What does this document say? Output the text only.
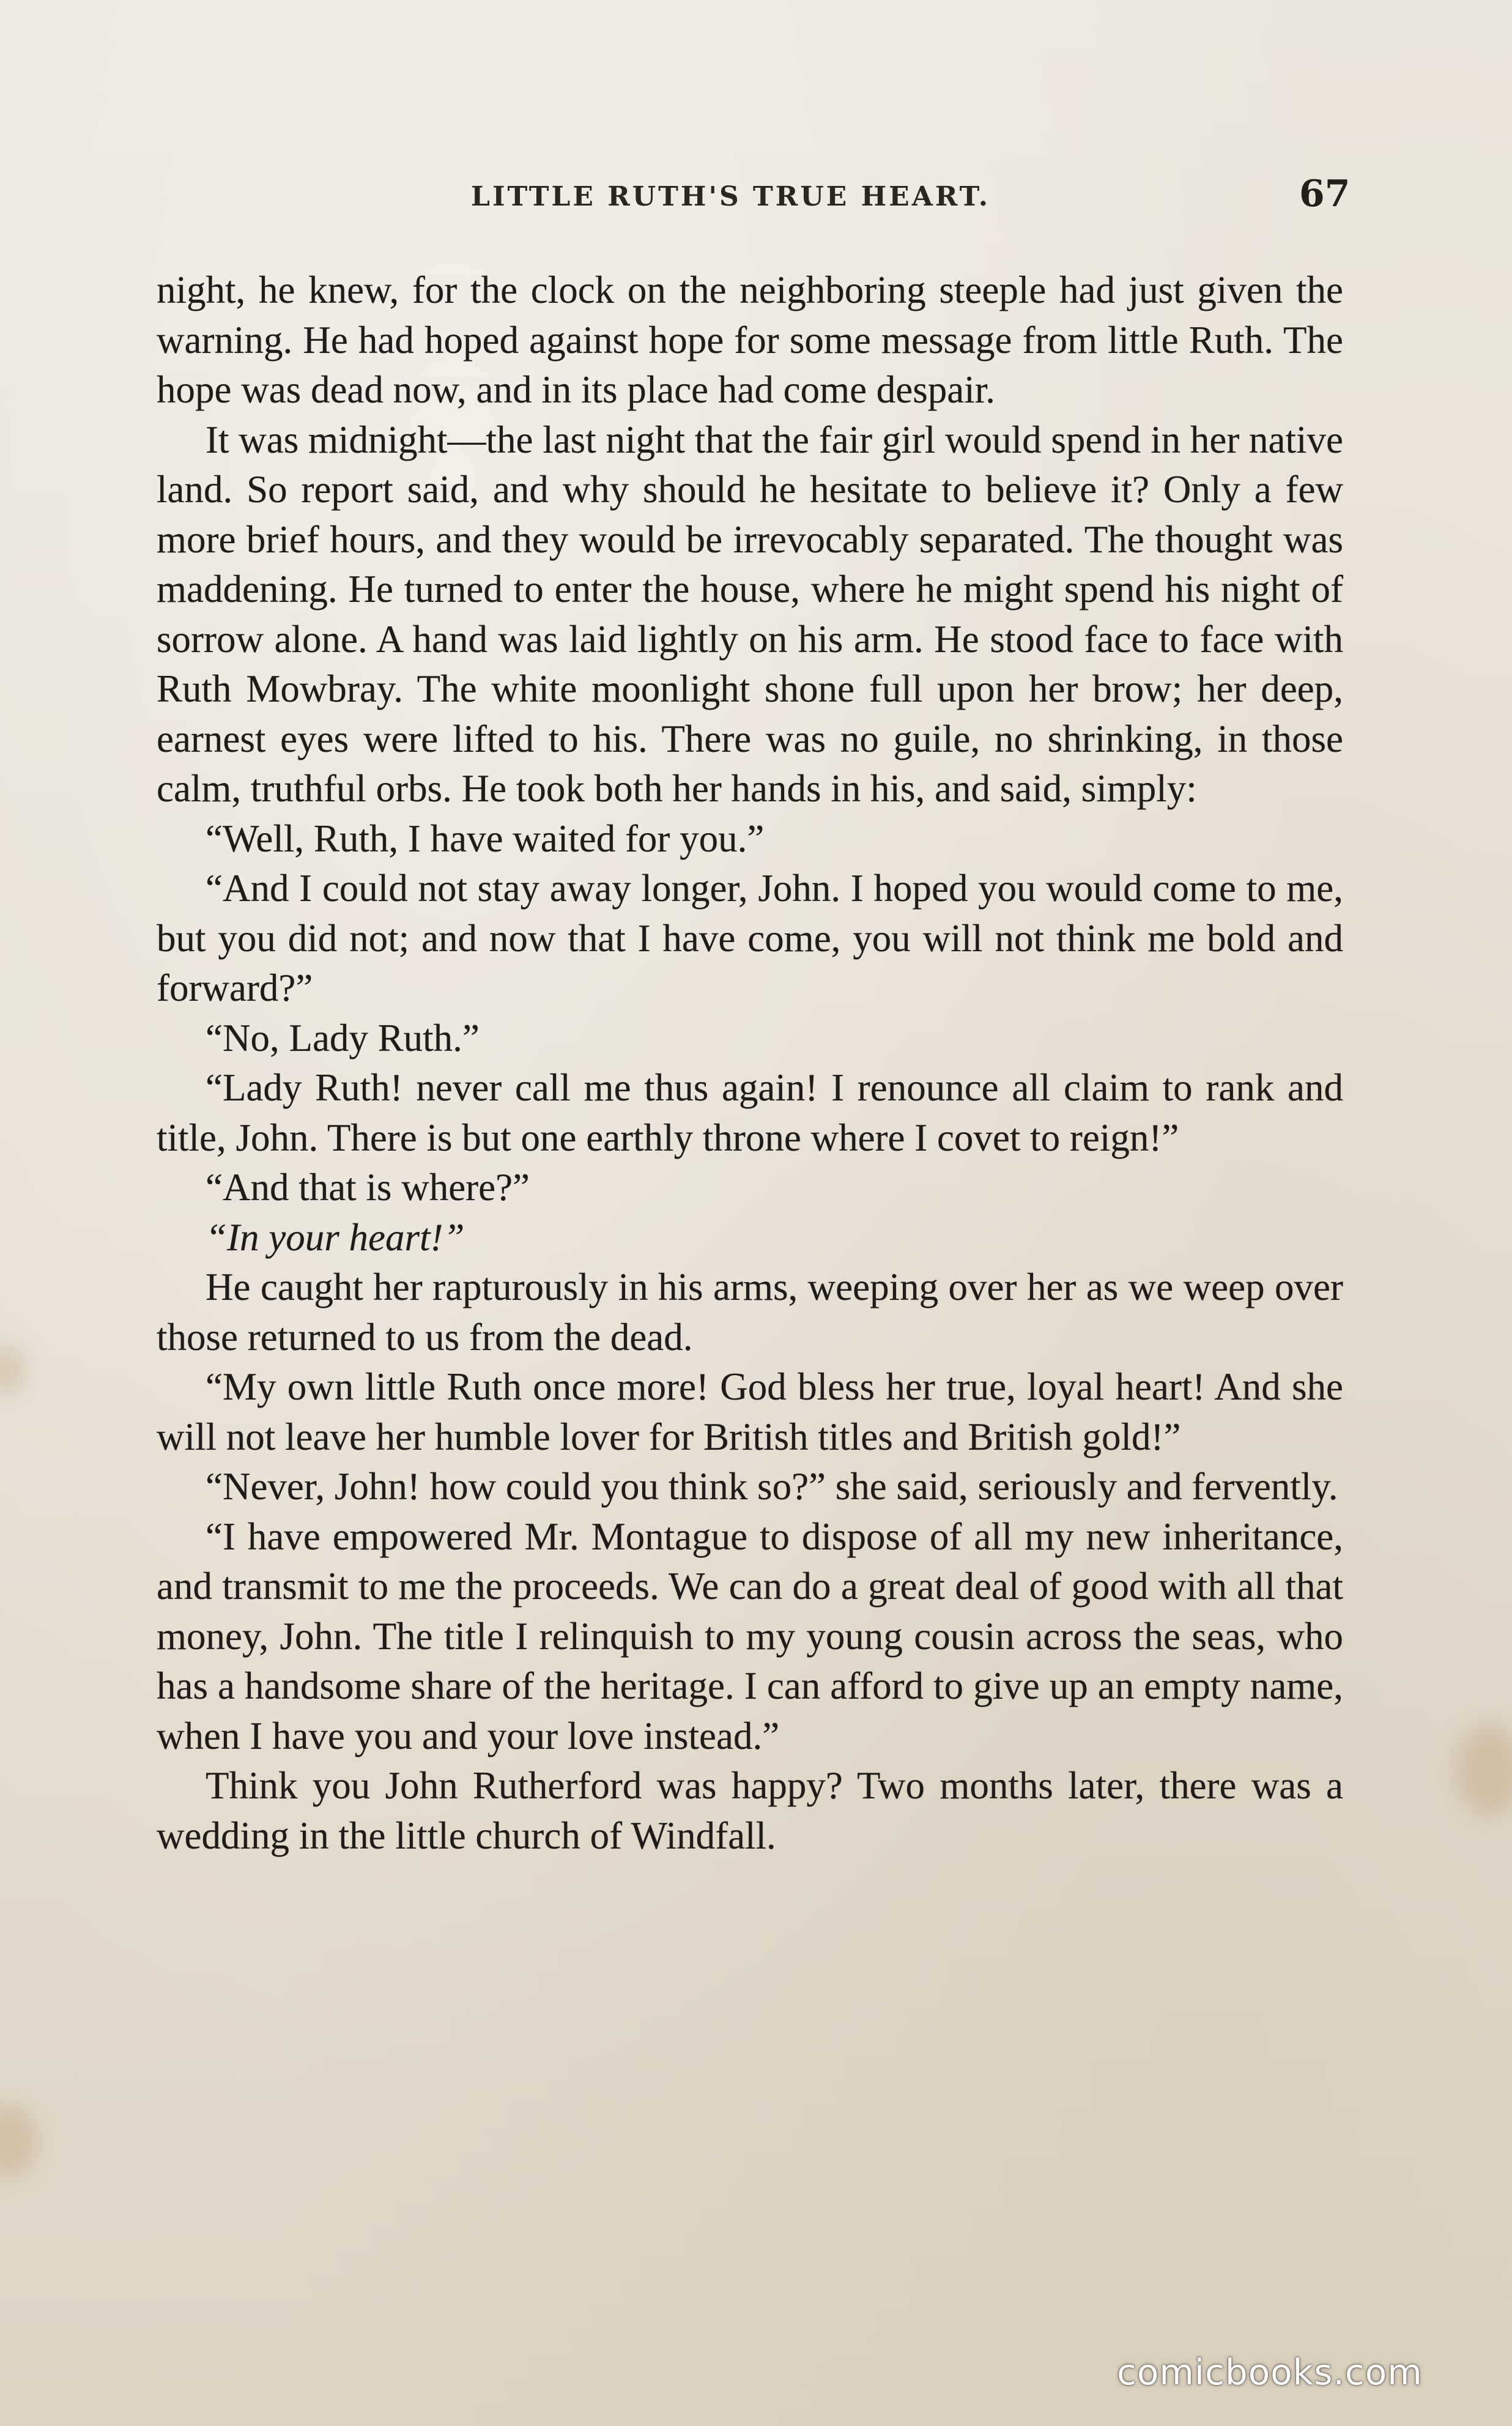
LITTLE RUTH'S TRUE HEART.	67

night, he knew, for the clock on the neighboring steeple had just given the warning. He had hoped against hope for some message from little Ruth. The hope was dead now, and in its place had come despair.

It was midnight—the last night that the fair girl would spend in her native land. So report said, and why should he hesitate to believe it? Only a few more brief hours, and they would be irrevocably separated. The thought was maddening. He turned to enter the house, where he might spend his night of sorrow alone. A hand was laid lightly on his arm. He stood face to face with Ruth Mowbray. The white moonlight shone full upon her brow; her deep, earnest eyes were lifted to his. There was no guile, no shrinking, in those calm, truthful orbs. He took both her hands in his, and said, simply:

“Well, Ruth, I have waited for you.”

“And I could not stay away longer, John. I hoped you would come to me, but you did not; and now that I have come, you will not think me bold and forward?”

“No, Lady Ruth.”

“Lady Ruth! never call me thus again! I renounce all claim to rank and title, John. There is but one earthly throne where I covet to reign!”

“And that is where?”

“In your heart!”

He caught her rapturously in his arms, weeping over her as we weep over those returned to us from the dead.

“My own little Ruth once more! God bless her true, loyal heart! And she will not leave her humble lover for British titles and British gold!”

“Never, John! how could you think so?” she said, seriously and fervently.

“I have empowered Mr. Montague to dispose of all my new inheritance, and transmit to me the proceeds. We can do a great deal of good with all that money, John. The title I relinquish to my young cousin across the seas, who has a handsome share of the heritage. I can afford to give up an empty name, when I have you and your love instead.”

Think you John Rutherford was happy? Two months later, there was a wedding in the little church of Windfall.

comicbooks.com
